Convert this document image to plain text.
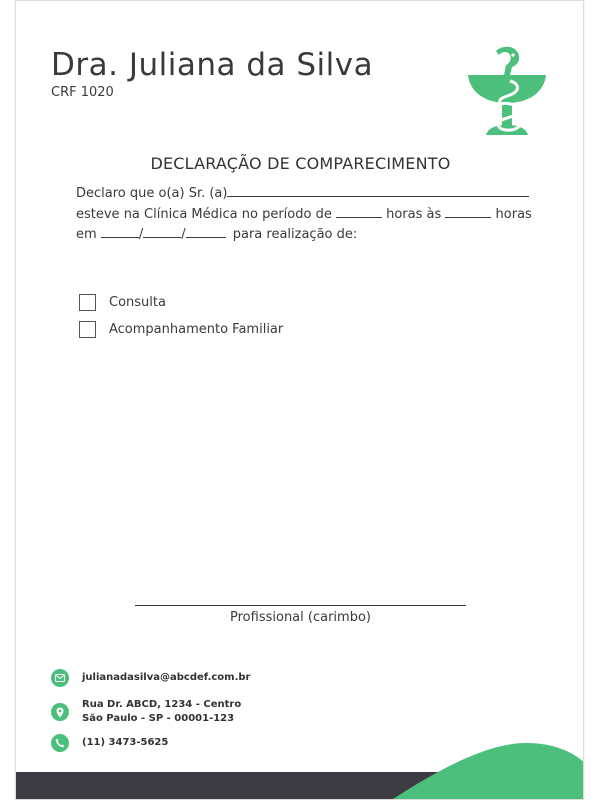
Dra. Juliana da Silva
CRF 1020
DECLARAÇÃO DE COMPARECIMENTO
Declaro que o(a) Sr. (a)
esteve na Clínica Médica no período de	horas às	horas
em	/	/	para realização de:
Consulta
Acompanhamento Familiar
Profissional (carimbo)
julianadasilva@abcdef.com.br
Rua Dr. ABCD, 1234 - Centro
São Paulo - SP - 00001-123
(11) 3473-5625
